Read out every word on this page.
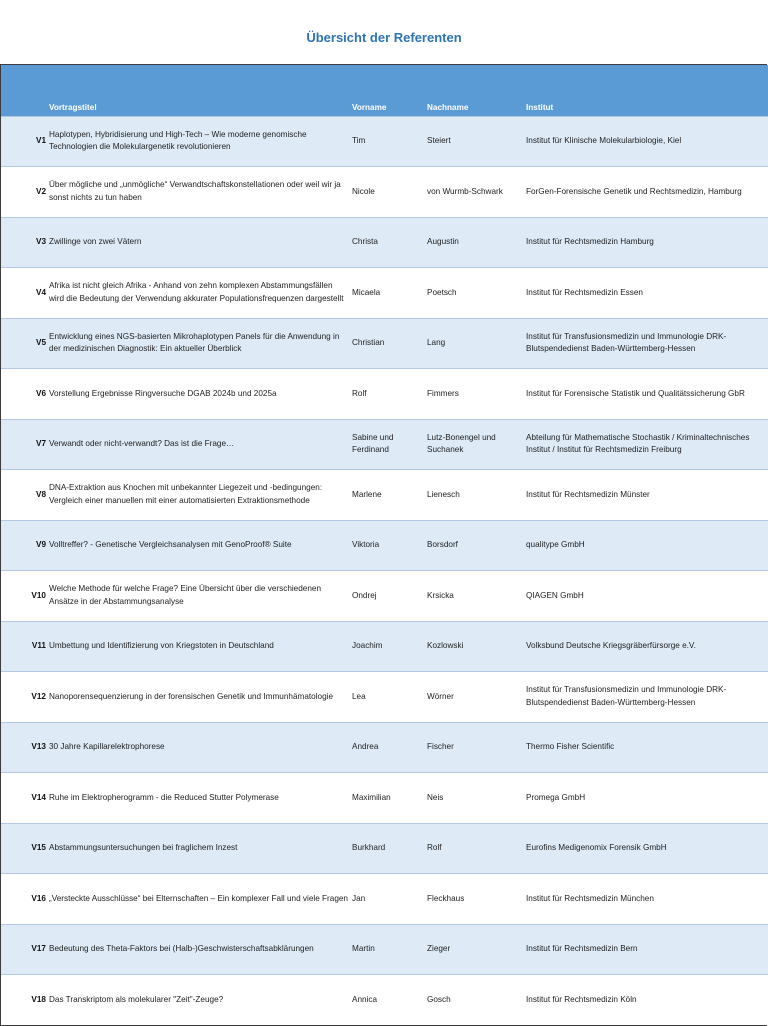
Übersicht der Referenten
	Vortragstitel	Vorname	Nachname	Institut
V1	Haplotypen, Hybridisierung und High-Tech – Wie moderne genomische Technologien die Molekulargenetik revolutionieren	Tim	Steiert	Institut für Klinische Molekularbiologie, Kiel
V2	Über mögliche und „unmögliche“ Verwandtschaftskonstellationen oder weil wir ja sonst nichts zu tun haben	Nicole	von Wurmb-Schwark	ForGen-Forensische Genetik und Rechtsmedizin, Hamburg
V3	Zwillinge von zwei Vätern	Christa	Augustin	Institut für Rechtsmedizin Hamburg
V4	Afrika ist nicht gleich Afrika - Anhand von zehn komplexen Abstammungsfällen wird die Bedeutung der Verwendung akkurater Populationsfrequenzen dargestellt	Micaela	Poetsch	Institut für Rechtsmedizin Essen
V5	Entwicklung eines NGS-basierten Mikrohaplotypen Panels für die Anwendung in der medizinischen Diagnostik: Ein aktueller Überblick	Christian	Lang	Institut für Transfusionsmedizin und Immunologie DRK-Blutspendedienst Baden-Württemberg-Hessen
V6	Vorstellung Ergebnisse Ringversuche DGAB 2024b und 2025a	Rolf	Fimmers	Institut für Forensische Statistik und Qualitätssicherung GbR
V7	Verwandt oder nicht-verwandt? Das ist die Frage…	Sabine und Ferdinand	Lutz-Bonengel und Suchanek	Abteilung für Mathematische Stochastik / Kriminaltechnisches Institut / Institut für Rechtsmedizin Freiburg
V8	DNA-Extraktion aus Knochen mit unbekannter Liegezeit und -bedingungen: Vergleich einer manuellen mit einer automatisierten Extraktionsmethode	Marlene	Lienesch	Institut für Rechtsmedizin Münster
V9	Volltreffer? - Genetische Vergleichsanalysen mit GenoProof® Suite	Viktoria	Borsdorf	qualitype GmbH
V10	Welche Methode für welche Frage? Eine Übersicht über die verschiedenen Ansätze in der Abstammungsanalyse	Ondrej	Krsicka	QIAGEN GmbH
V11	Umbettung und Identifizierung von Kriegstoten in Deutschland	Joachim	Kozlowski	Volksbund Deutsche Kriegsgräberfürsorge e.V.
V12	Nanoporensequenzierung in der forensischen Genetik und Immunhämatologie	Lea	Wörner	Institut für Transfusionsmedizin und Immunologie DRK-Blutspendedienst Baden-Württemberg-Hessen
V13	30 Jahre Kapillarelektrophorese	Andrea	Fischer	Thermo Fisher Scientific
V14	Ruhe im Elektropherogramm - die Reduced Stutter Polymerase	Maximilian	Neis	Promega GmbH
V15	Abstammungsuntersuchungen bei fraglichem Inzest	Burkhard	Rolf	Eurofins Medigenomix Forensik GmbH
V16	„Versteckte Ausschlüsse“ bei Elternschaften – Ein komplexer Fall und viele Fragen	Jan	Fleckhaus	Institut für Rechtsmedizin München
V17	Bedeutung des Theta-Faktors bei (Halb-)Geschwisterschaftsabklärungen	Martin	Zieger	Institut für Rechtsmedizin Bern
V18	Das Transkriptom als molekularer "Zeit"-Zeuge?	Annica	Gosch	Institut für Rechtsmedizin Köln
